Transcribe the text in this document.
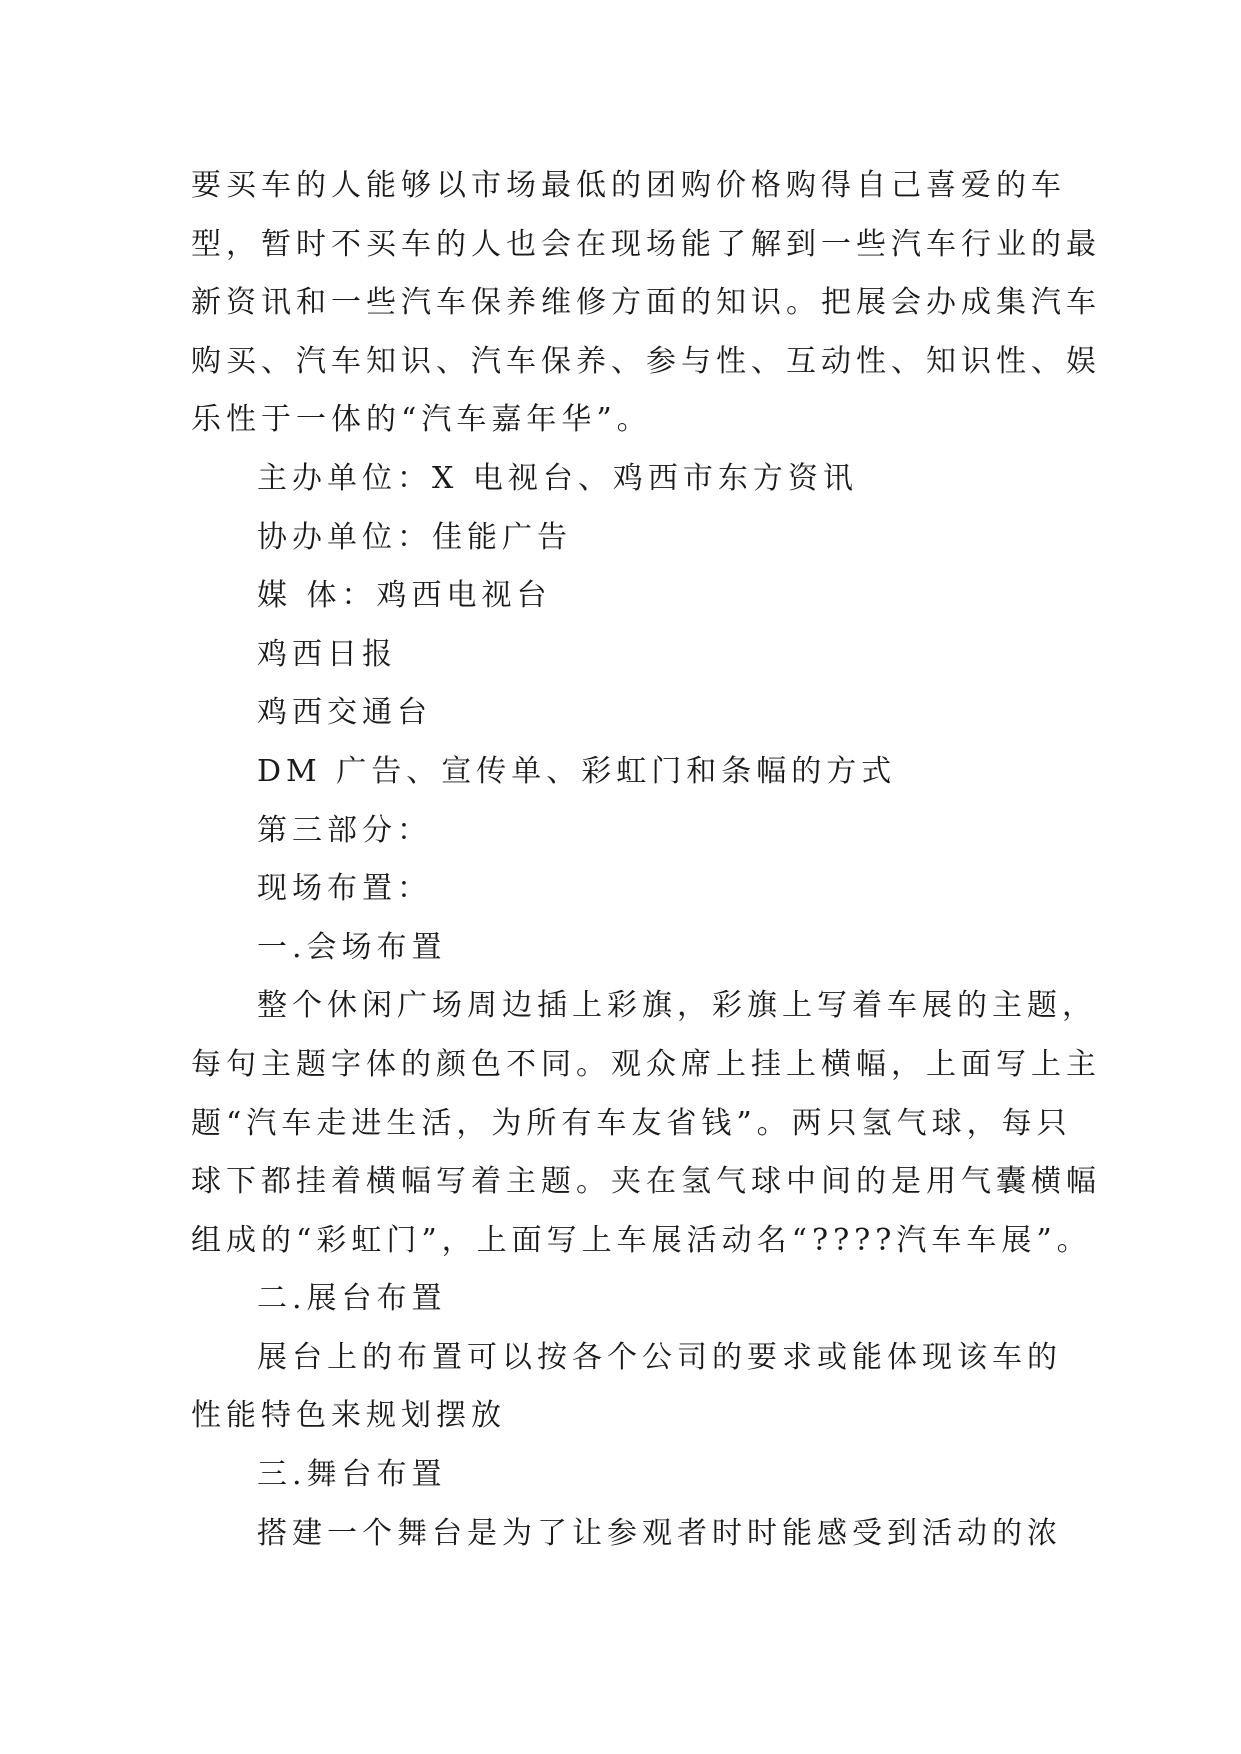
要买车的人能够以市场最低的团购价格购得自己喜爱的车
型，暂时不买车的人也会在现场能了解到一些汽车行业的最
新资讯和一些汽车保养维修方面的知识。把展会办成集汽车
购买、汽车知识、汽车保养、参与性、互动性、知识性、娱
乐性于一体的“汽车嘉年华”。
主办单位：X 电视台、鸡西市东方资讯
协办单位：佳能广告
媒 体：鸡西电视台
鸡西日报
鸡西交通台
DM 广告、宣传单、彩虹门和条幅的方式
第三部分：
现场布置：
一.会场布置
整个休闲广场周边插上彩旗，彩旗上写着车展的主题，
每句主题字体的颜色不同。观众席上挂上横幅，上面写上主
题“汽车走进生活，为所有车友省钱”。两只氢气球，每只
球下都挂着横幅写着主题。夹在氢气球中间的是用气囊横幅
组成的“彩虹门”，上面写上车展活动名“????汽车车展”。
二.展台布置
展台上的布置可以按各个公司的要求或能体现该车的
性能特色来规划摆放
三.舞台布置
搭建一个舞台是为了让参观者时时能感受到活动的浓
